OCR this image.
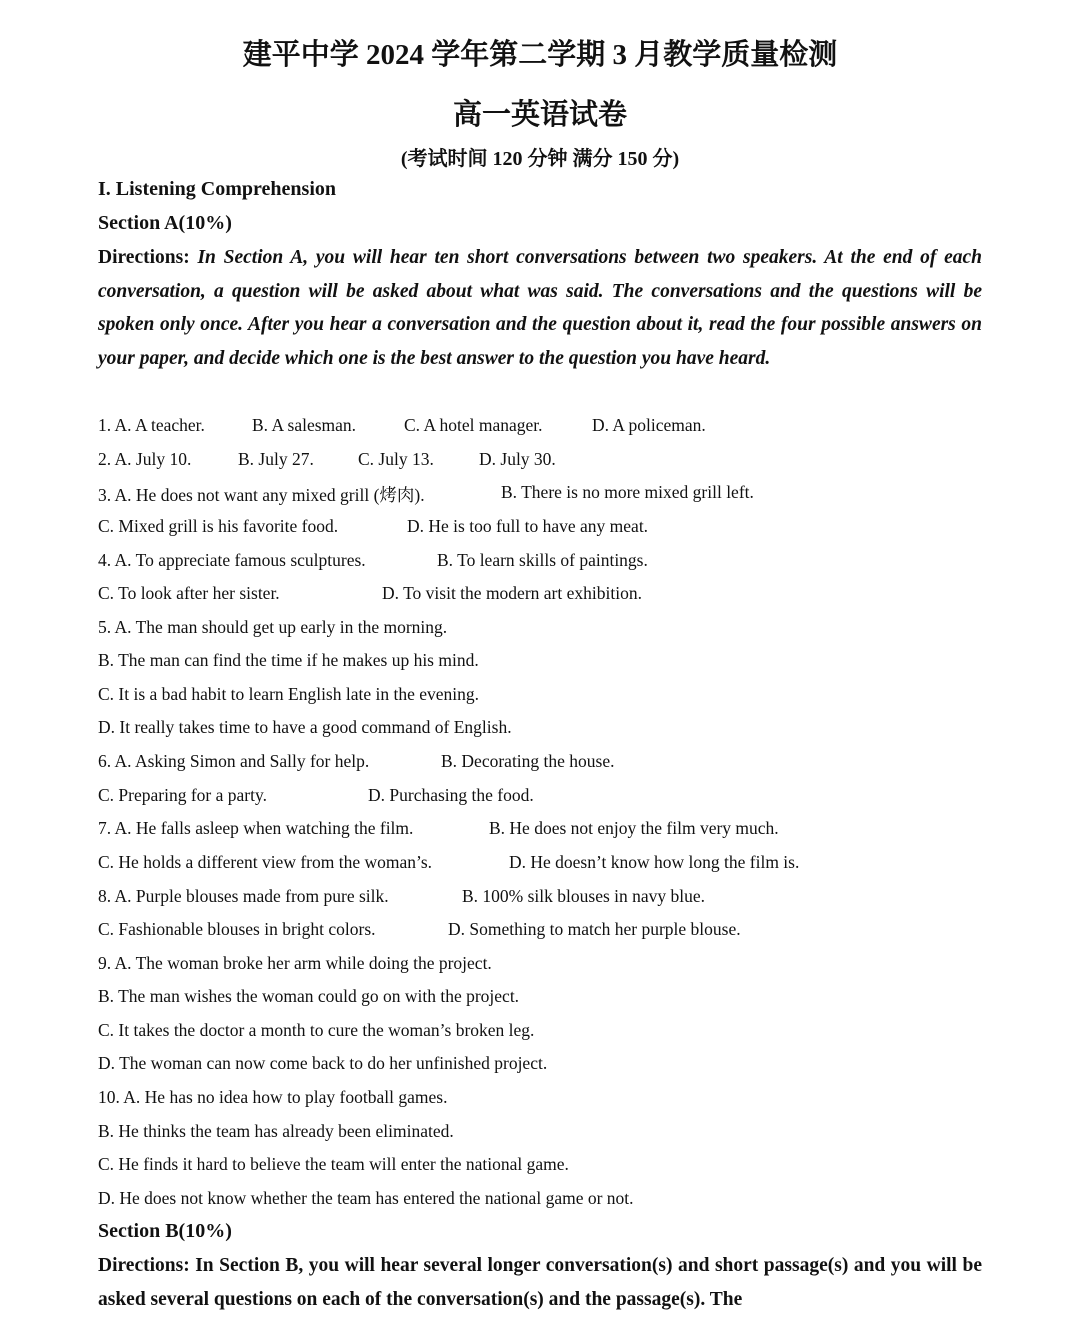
建平中学 2024 学年第二学期 3 月教学质量检测
高一英语试卷
(考试时间 120 分钟 满分 150 分)
I. Listening Comprehension
Section A(10%)
Directions: In Section A, you will hear ten short conversations between two speakers. At the end of each conversation, a question will be asked about what was said. The conversations and the questions will be spoken only once. After you hear a conversation and the question about it, read the four possible answers on your paper, and decide which one is the best answer to the question you have heard.
1. A. A teacher.	B. A salesman.	C. A hotel manager.	D. A policeman.
2. A. July 10.	B. July 27.	C. July 13.	D. July 30.
3. A. He does not want any mixed grill (烤肉).	B. There is no more mixed grill left.
C. Mixed grill is his favorite food.	D. He is too full to have any meat.
4. A. To appreciate famous sculptures.	B. To learn skills of paintings.
C. To look after her sister.	D. To visit the modern art exhibition.
5. A. The man should get up early in the morning.
B. The man can find the time if he makes up his mind.
C. It is a bad habit to learn English late in the evening.
D. It really takes time to have a good command of English.
6. A. Asking Simon and Sally for help.	B. Decorating the house.
C. Preparing for a party.	D. Purchasing the food.
7. A. He falls asleep when watching the film.	B. He does not enjoy the film very much.
C. He holds a different view from the woman’s.	D. He doesn’t know how long the film is.
8. A. Purple blouses made from pure silk.	B. 100% silk blouses in navy blue.
C. Fashionable blouses in bright colors.	D. Something to match her purple blouse.
9. A. The woman broke her arm while doing the project.
B. The man wishes the woman could go on with the project.
C. It takes the doctor a month to cure the woman’s broken leg.
D. The woman can now come back to do her unfinished project.
10. A. He has no idea how to play football games.
B. He thinks the team has already been eliminated.
C. He finds it hard to believe the team will enter the national game.
D. He does not know whether the team has entered the national game or not.
Section B(10%)
Directions: In Section B, you will hear several longer conversation(s) and short passage(s) and you will be asked several questions on each of the conversation(s) and the passage(s). The
